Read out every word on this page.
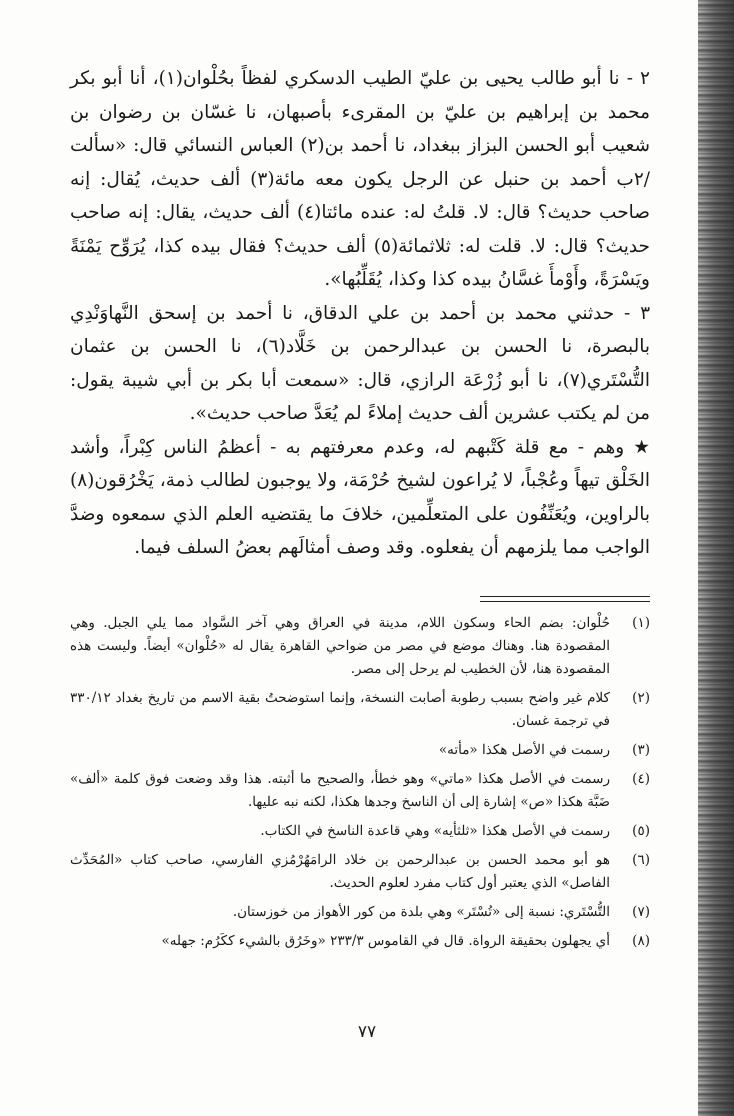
٢ - نا أبو طالب يحيى بن عليّ الطيب الدسكري لفظاً بحُلْوان(١)، أنا أبو بكر محمد بن إبراهيم بن عليّ بن المقرىء بأصبهان، نا غسّان بن رضوان بن شعيب أبو الحسن البزاز ببغداد، نا أحمد بن(٢) العباس النسائي قال: «سألت /٢ب أحمد بن حنبل عن الرجل يكون معه مائة(٣) ألف حديث، يُقال: إنه صاحب حديث؟ قال: لا. قلتُ له: عنده مائتا(٤) ألف حديث، يقال: إنه صاحب حديث؟ قال: لا. قلت له: ثلاثمائة(٥) ألف حديث؟ فقال بيده كذا، يُرَوِّح يَمْنَةً ويَسْرَةً، وأَوْمأَ غسَّانُ بيده كذا وكذا، يُقَلِّبُها».

٣ - حدثني محمد بن أحمد بن علي الدقاق، نا أحمد بن إسحق النَّهاوَنْدِي بالبصرة، نا الحسن بن عبدالرحمن بن خَلَّاد(٦)، نا الحسن بن عثمان التُّسْتَري(٧)، نا أبو زُرْعَة الرازي، قال: «سمعت أبا بكر بن أبي شيبة يقول: من لم يكتب عشرين ألف حديث إملاءً لم يُعَدَّ صاحب حديث».

★ وهم - مع قلة كَتْبهم له، وعدم معرفتهم به - أعظمُ الناس كِبْراً، وأشد الخَلْق تيهاً وعُجْباً، لا يُراعون لشيخ حُرْمَة، ولا يوجبون لطالب ذمة، يَخْرُقون(٨) بالراوين، ويُعَنِّفُون على المتعلِّمين، خلافَ ما يقتضيه العلم الذي سمعوه وضدَّ الواجب مما يلزمهم أن يفعلوه. وقد وصف أمثالَهم بعضُ السلف فيما.

(١)
حُلْوان: بضم الحاء وسكون اللام، مدينة في العراق وهي آخر السَّواد مما يلي الجبل. وهي المقصودة هنا. وهناك موضع في مصر من ضواحي القاهرة يقال له «حُلْوان» أيضاً. وليست هذه المقصودة هنا، لأن الخطيب لم يرحل إلى مصر.
(٢)
كلام غير واضح بسبب رطوبة أصابت النسخة، وإنما استوضحتُ بقية الاسم من تاريخ بغداد ٣٣٠/١٢ في ترجمة غسان.
(٣)
رسمت في الأصل هكذا «مأته»
(٤)
رسمت في الأصل هكذا «ماتي» وهو خطأ، والصحيح ما أثبته. هذا وقد وضعت فوق كلمة «ألف» ضَبَّة هكذا «ص» إشارة إلى أن الناسخ وجدها هكذا، لكنه نبه عليها.
(٥)
رسمت في الأصل هكذا «ثلثأيه» وهي قاعدة الناسخ في الكتاب.
(٦)
هو أبو محمد الحسن بن عبدالرحمن بن خلاد الرامَهُرْمُزي الفارسي، صاحب كتاب «المُحَدِّث الفاصل» الذي يعتبر أول كتاب مفرد لعلوم الحديث.
(٧)
التُّسْتَري: نسبة إلى «تُسْتَر» وهي بلدة من كور الأهواز من خوزستان.
(٨)
أي يجهلون بحقيقة الرواة. قال في القاموس ٢٣٣/٣ «وخَرُق بالشيء ككَرُم: جهله»
٧٧
